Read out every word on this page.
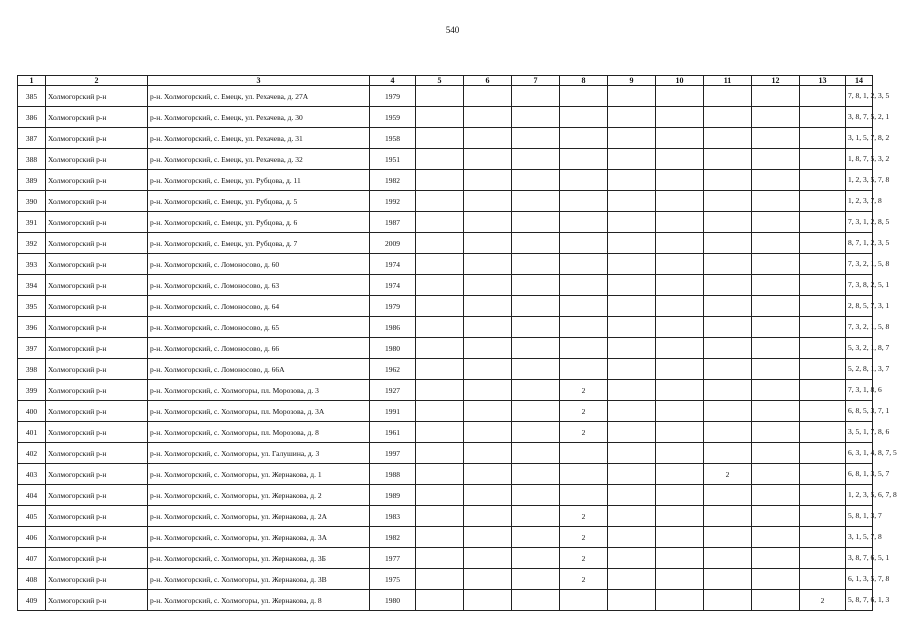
540
1	2	3	4	5	6	7	8	9	10	11	12	13	14
385	Холмогорский р-н	р-н. Холмогорский, с. Емецк, ул. Рехачева, д. 27А	1979										7, 8, 1, 2, 3, 5
386	Холмогорский р-н	р-н. Холмогорский, с. Емецк, ул. Рехачева, д. 30	1959										3, 8, 7, 5, 2, 1
387	Холмогорский р-н	р-н. Холмогорский, с. Емецк, ул. Рехачева, д. 31	1958										3, 1, 5, 7, 8, 2
388	Холмогорский р-н	р-н. Холмогорский, с. Емецк, ул. Рехачева, д. 32	1951										1, 8, 7, 5, 3, 2
389	Холмогорский р-н	р-н. Холмогорский, с. Емецк, ул. Рубцова, д. 11	1982										1, 2, 3, 5, 7, 8
390	Холмогорский р-н	р-н. Холмогорский, с. Емецк, ул. Рубцова, д. 5	1992										1, 2, 3, 7, 8
391	Холмогорский р-н	р-н. Холмогорский, с. Емецк, ул. Рубцова, д. 6	1987										7, 3, 1, 2, 8, 5
392	Холмогорский р-н	р-н. Холмогорский, с. Емецк, ул. Рубцова, д. 7	2009										8, 7, 1, 2, 3, 5
393	Холмогорский р-н	р-н. Холмогорский, с. Ломоносово, д. 60	1974										7, 3, 2, 1, 5, 8
394	Холмогорский р-н	р-н. Холмогорский, с. Ломоносово, д. 63	1974										7, 3, 8, 2, 5, 1
395	Холмогорский р-н	р-н. Холмогорский, с. Ломоносово, д. 64	1979										2, 8, 5, 7, 3, 1
396	Холмогорский р-н	р-н. Холмогорский, с. Ломоносово, д. 65	1986										7, 3, 2, 1, 5, 8
397	Холмогорский р-н	р-н. Холмогорский, с. Ломоносово, д. 66	1980										5, 3, 2, 1, 8, 7
398	Холмогорский р-н	р-н. Холмогорский, с. Ломоносово, д. 66А	1962										5, 2, 8, 1, 3, 7
399	Холмогорский р-н	р-н. Холмогорский, с. Холмогоры, пл. Морозова, д. 3	1927				2						7, 3, 1, 8, 6
400	Холмогорский р-н	р-н. Холмогорский, с. Холмогоры, пл. Морозова, д. 3А	1991				2						6, 8, 5, 3, 7, 1
401	Холмогорский р-н	р-н. Холмогорский, с. Холмогоры, пл. Морозова, д. 8	1961				2						3, 5, 1, 7, 8, 6
402	Холмогорский р-н	р-н. Холмогорский, с. Холмогоры, ул. Галушина, д. 3	1997										6, 3, 1, 4, 8, 7, 5
403	Холмогорский р-н	р-н. Холмогорский, с. Холмогоры, ул. Жернакова, д. 1	1988							2			6, 8, 1, 3, 5, 7
404	Холмогорский р-н	р-н. Холмогорский, с. Холмогоры, ул. Жернакова, д. 2	1989										1, 2, 3, 5, 6, 7, 8
405	Холмогорский р-н	р-н. Холмогорский, с. Холмогоры, ул. Жернакова, д. 2А	1983				2						5, 8, 1, 3, 7
406	Холмогорский р-н	р-н. Холмогорский, с. Холмогоры, ул. Жернакова, д. 3А	1982				2						3, 1, 5, 7, 8
407	Холмогорский р-н	р-н. Холмогорский, с. Холмогоры, ул. Жернакова, д. 3Б	1977				2						3, 8, 7, 6, 5, 1
408	Холмогорский р-н	р-н. Холмогорский, с. Холмогоры, ул. Жернакова, д. 3В	1975				2						6, 1, 3, 5, 7, 8
409	Холмогорский р-н	р-н. Холмогорский, с. Холмогоры, ул. Жернакова, д. 8	1980									2	5, 8, 7, 6, 1, 3
